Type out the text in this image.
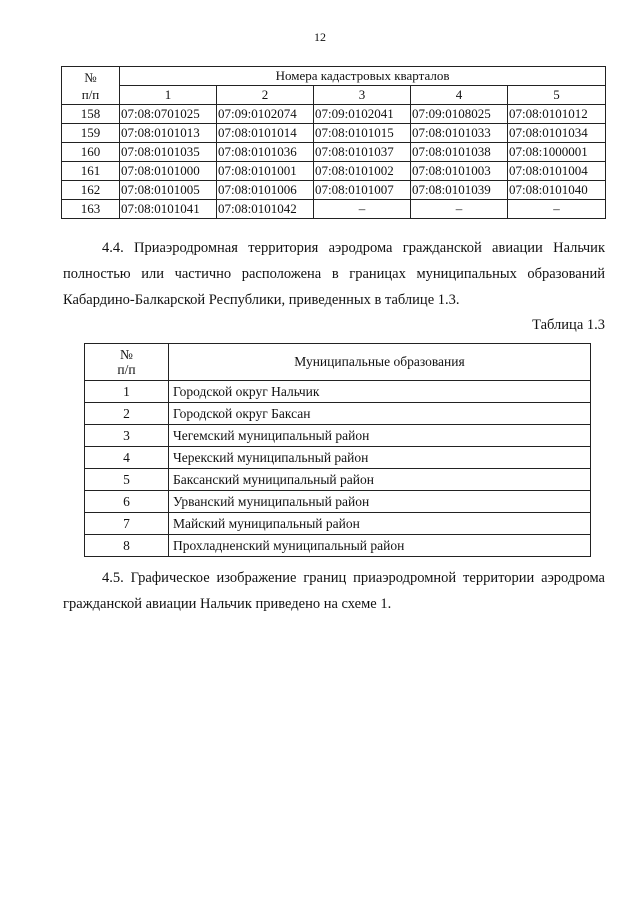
12
№
п/п	Номера кадастровых кварталов				
	1	2	3	4	5
158	07:08:0701025	07:09:0102074	07:09:0102041	07:09:0108025	07:08:0101012
159	07:08:0101013	07:08:0101014	07:08:0101015	07:08:0101033	07:08:0101034
160	07:08:0101035	07:08:0101036	07:08:0101037	07:08:0101038	07:08:1000001
161	07:08:0101000	07:08:0101001	07:08:0101002	07:08:0101003	07:08:0101004
162	07:08:0101005	07:08:0101006	07:08:0101007	07:08:0101039	07:08:0101040
163	07:08:0101041	07:08:0101042	–	–	–

4.4. Приаэродромная территория аэродрома гражданской авиации Нальчик
полностью или частично расположена в границах муниципальных образований
Кабардино-Балкарской Республики, приведенных в таблице 1.3.

Таблица 1.3
№
п/п	Муниципальные образования
1	Городской округ Нальчик
2	Городской округ Баксан
3	Чегемский муниципальный район
4	Черекский муниципальный район
5	Баксанский муниципальный район
6	Урванский муниципальный район
7	Майский муниципальный район
8	Прохладненский муниципальный район

4.5. Графическое изображение границ приаэродромной территории аэродрома
гражданской авиации Нальчик приведено на схеме 1.
